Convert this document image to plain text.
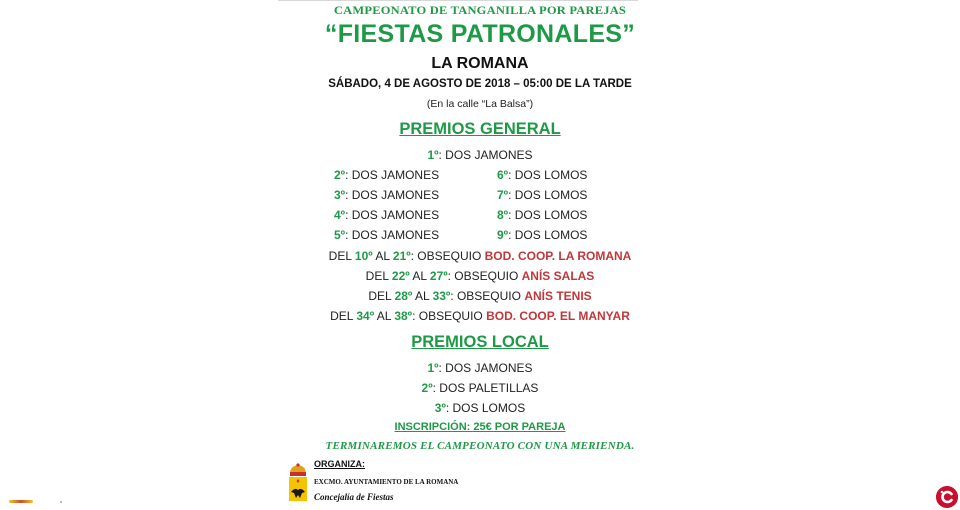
CAMPEONATO DE TANGANILLA POR PAREJAS
“FIESTAS PATRONALES”
LA ROMANA
SÁBADO, 4 DE AGOSTO DE 2018 – 05:00 DE LA TARDE
(En la calle “La Balsa”)
PREMIOS GENERAL
1º: DOS JAMONES
2º: DOS JAMONES
3º: DOS JAMONES
4º: DOS JAMONES
5º: DOS JAMONES
6º: DOS LOMOS
7º: DOS LOMOS
8º: DOS LOMOS
9º: DOS LOMOS
DEL 10º AL 21º: OBSEQUIO BOD. COOP. LA ROMANA
DEL 22º AL 27º: OBSEQUIO ANÍS SALAS
DEL 28º AL 33º: OBSEQUIO ANÍS TENIS
DEL 34º AL 38º: OBSEQUIO BOD. COOP. EL MANYAR
PREMIOS LOCAL
1º: DOS JAMONES
2º: DOS PALETILLAS
3º: DOS LOMOS
INSCRIPCIÓN: 25€ POR PAREJA
TERMINAREMOS EL CAMPEONATO CON UNA MERIENDA.
ORGANIZA:
EXCMO. AYUNTAMIENTO DE LA ROMANA
Concejalía de Fiestas
